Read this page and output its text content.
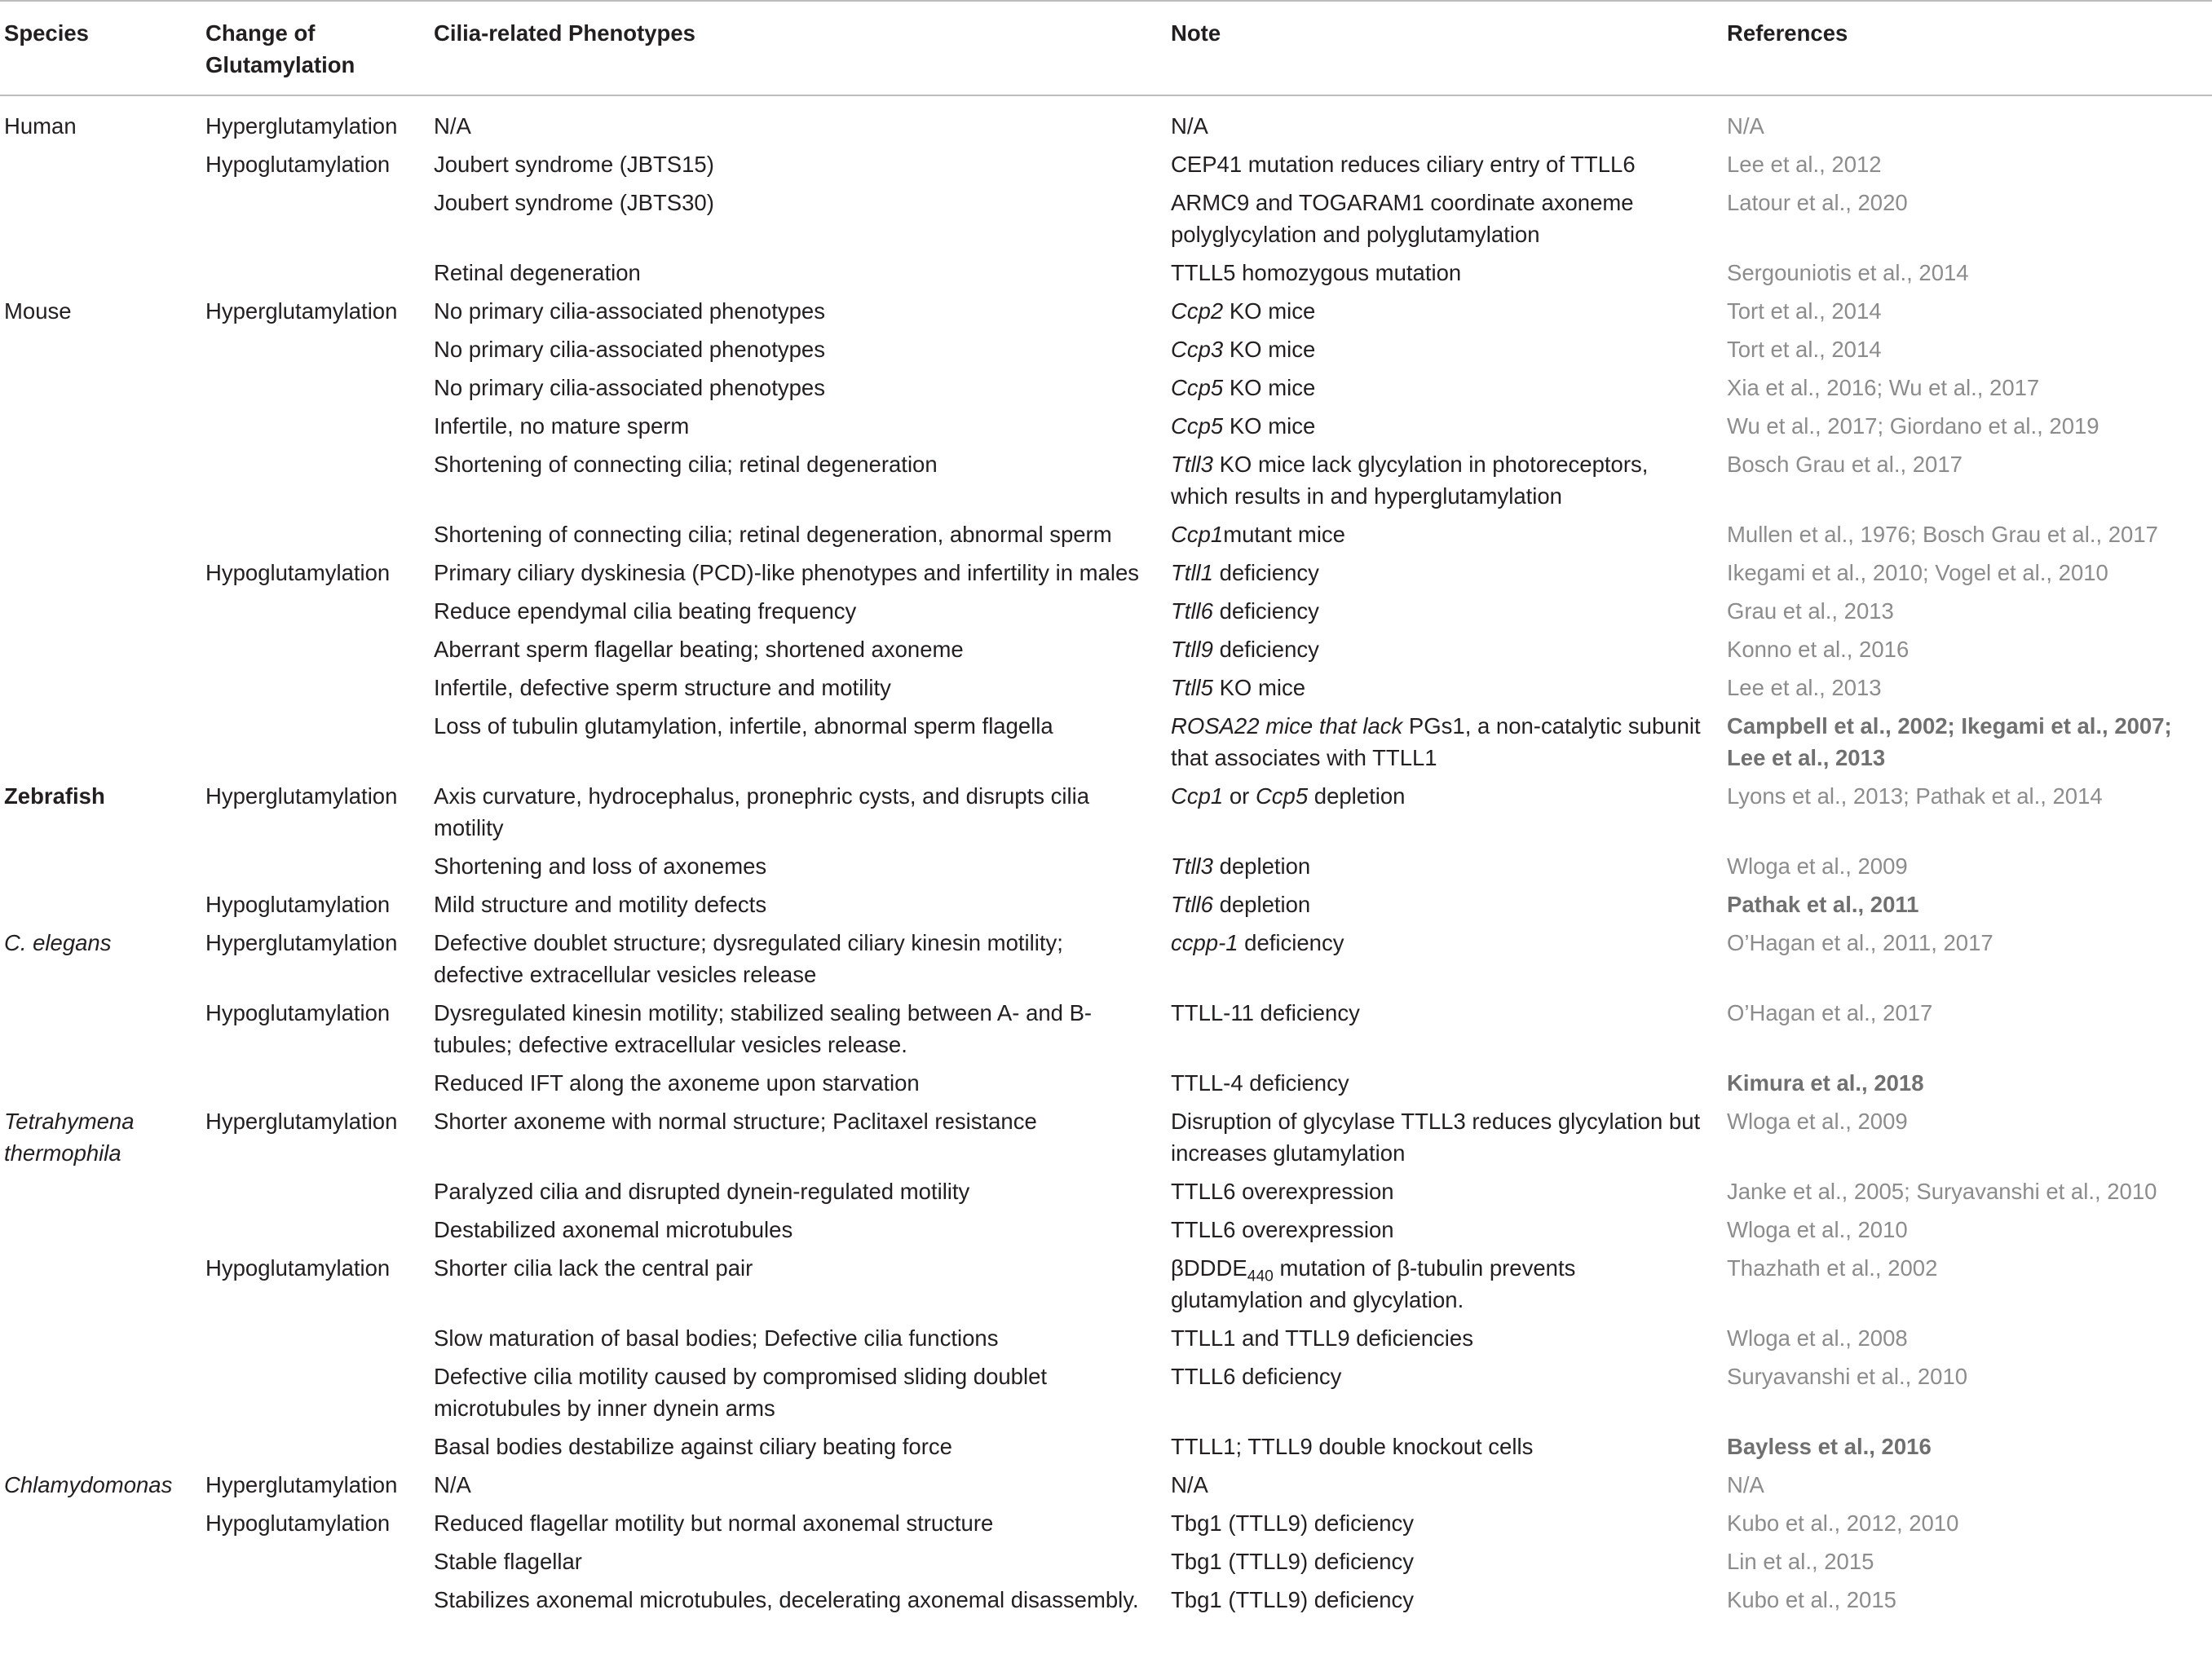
Species	Change of Glutamylation	Cilia-related Phenotypes	Note	References
Human	Hyperglutamylation	N/A	N/A	N/A
	Hypoglutamylation	Joubert syndrome (JBTS15)	CEP41 mutation reduces ciliary entry of TTLL6	Lee et al., 2012
		Joubert syndrome (JBTS30)	ARMC9 and TOGARAM1 coordinate axoneme polyglycylation and polyglutamylation	Latour et al., 2020
		Retinal degeneration	TTLL5 homozygous mutation	Sergouniotis et al., 2014
Mouse	Hyperglutamylation	No primary cilia-associated phenotypes	Ccp2 KO mice	Tort et al., 2014
		No primary cilia-associated phenotypes	Ccp3 KO mice	Tort et al., 2014
		No primary cilia-associated phenotypes	Ccp5 KO mice	Xia et al., 2016; Wu et al., 2017
		Infertile, no mature sperm	Ccp5 KO mice	Wu et al., 2017; Giordano et al., 2019
		Shortening of connecting cilia; retinal degeneration	Ttll3 KO mice lack glycylation in photoreceptors, which results in and hyperglutamylation	Bosch Grau et al., 2017
		Shortening of connecting cilia; retinal degeneration, abnormal sperm	Ccp1mutant mice	Mullen et al., 1976; Bosch Grau et al., 2017
	Hypoglutamylation	Primary ciliary dyskinesia (PCD)-like phenotypes and infertility in males	Ttll1 deficiency	Ikegami et al., 2010; Vogel et al., 2010
		Reduce ependymal cilia beating frequency	Ttll6 deficiency	Grau et al., 2013
		Aberrant sperm flagellar beating; shortened axoneme	Ttll9 deficiency	Konno et al., 2016
		Infertile, defective sperm structure and motility	Ttll5 KO mice	Lee et al., 2013
		Loss of tubulin glutamylation, infertile, abnormal sperm flagella	ROSA22 mice that lack PGs1, a non-catalytic subunit that associates with TTLL1	Campbell et al., 2002; Ikegami et al., 2007; Lee et al., 2013
Zebrafish	Hyperglutamylation	Axis curvature, hydrocephalus, pronephric cysts, and disrupts cilia motility	Ccp1 or Ccp5 depletion	Lyons et al., 2013; Pathak et al., 2014
		Shortening and loss of axonemes	Ttll3 depletion	Wloga et al., 2009
	Hypoglutamylation	Mild structure and motility defects	Ttll6 depletion	Pathak et al., 2011
C. elegans	Hyperglutamylation	Defective doublet structure; dysregulated ciliary kinesin motility; defective extracellular vesicles release	ccpp-1 deficiency	O’Hagan et al., 2011, 2017
	Hypoglutamylation	Dysregulated kinesin motility; stabilized sealing between A- and B-tubules; defective extracellular vesicles release.	TTLL-11 deficiency	O’Hagan et al., 2017
		Reduced IFT along the axoneme upon starvation	TTLL-4 deficiency	Kimura et al., 2018
Tetrahymena thermophila	Hyperglutamylation	Shorter axoneme with normal structure; Paclitaxel resistance	Disruption of glycylase TTLL3 reduces glycylation but increases glutamylation	Wloga et al., 2009
		Paralyzed cilia and disrupted dynein-regulated motility	TTLL6 overexpression	Janke et al., 2005; Suryavanshi et al., 2010
		Destabilized axonemal microtubules	TTLL6 overexpression	Wloga et al., 2010
	Hypoglutamylation	Shorter cilia lack the central pair	βDDDE$_{440}$ mutation of β-tubulin prevents glutamylation and glycylation.	Thazhath et al., 2002
		Slow maturation of basal bodies; Defective cilia functions	TTLL1 and TTLL9 deficiencies	Wloga et al., 2008
		Defective cilia motility caused by compromised sliding doublet microtubules by inner dynein arms	TTLL6 deficiency	Suryavanshi et al., 2010
		Basal bodies destabilize against ciliary beating force	TTLL1; TTLL9 double knockout cells	Bayless et al., 2016
Chlamydomonas	Hyperglutamylation	N/A	N/A	N/A
	Hypoglutamylation	Reduced flagellar motility but normal axonemal structure	Tbg1 (TTLL9) deficiency	Kubo et al., 2012, 2010
		Stable flagellar	Tbg1 (TTLL9) deficiency	Lin et al., 2015
		Stabilizes axonemal microtubules, decelerating axonemal disassembly.	Tbg1 (TTLL9) deficiency	Kubo et al., 2015
